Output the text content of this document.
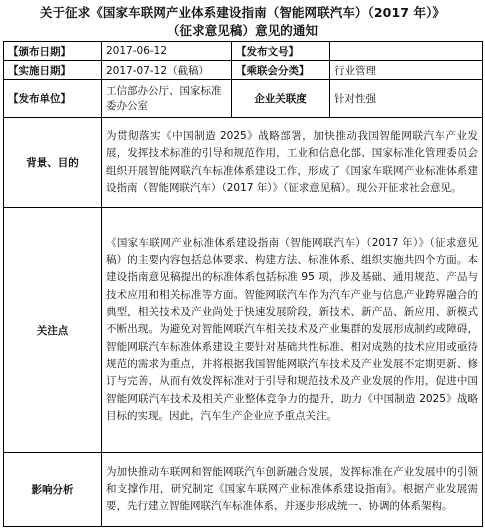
关于征求《国家车联网产业体系建设指南（智能网联汽车）（2017 年）》
（征求意见稿）意见的通知
【颁布日期】	2017-06-12	【发布文号】	
【实施日期】	2017-07-12（截稿）	【乘联会分类】	行业管理
【发布单位】	工信部办公厅、国家标准委办公室	企业关联度	针对性强
背景、目的	为贯彻落实《中国制造 2025》战略部署，加快推动我国智能网联汽车产业发展，发挥技术标准的引导和规范作用，工业和信息化部、国家标准化管理委员会组织开展智能网联汽车标准体系建设工作，形成了《国家车联网产业标准体系建设指南（智能网联汽车）（2017 年）》（征求意见稿）。现公开征求社会意见。		
关注点	《国家车联网产业标准体系建设指南（智能网联汽车）（2017 年）》（征求意见稿）的主要内容包括总体要求、构建方法、标准体系、组织实施共四个方面。本建设指南意见稿提出的标准体系包括标准 95 项，涉及基础、通用规范、产品与技术应用和相关标准等方面。智能网联汽车作为汽车产业与信息产业跨界融合的典型，相关技术及产业尚处于快速发展阶段，新技术、新产品、新应用、新模式不断出现。为避免对智能网联汽车相关技术及产业集群的发展形成制约或障碍，智能网联汽车标准体系建设主要针对基础共性标准、相对成熟的技术应用或亟待规范的需求为重点，并将根据我国智能网联汽车技术及产业发展不定期更新、修订与完善，从而有效发挥标准对于引导和规范技术及产业发展的作用，促进中国智能网联汽车技术及相关产业整体竞争力的提升，助力《中国制造 2025》战略目标的实现。因此，汽车生产企业应予重点关注。		
影响分析	为加快推动车联网和智能网联汽车创新融合发展，发挥标准在产业发展中的引领和支撑作用，研究制定《国家车联网产业标准体系建设指南》。根据产业发展需要，先行建立智能网联汽车标准体系，并逐步形成统一、协调的体系架构。		
